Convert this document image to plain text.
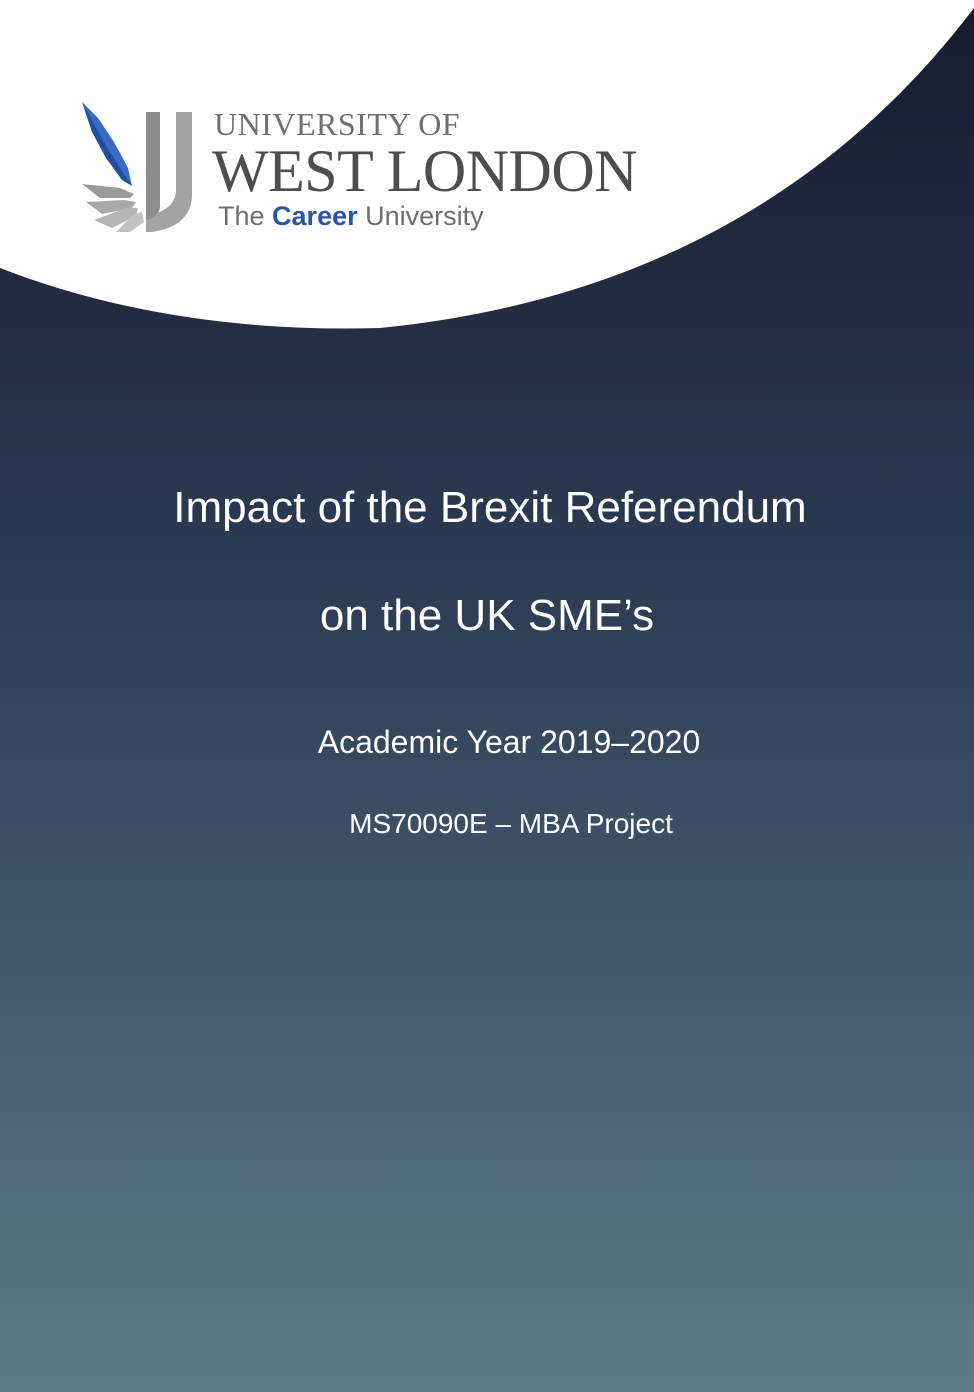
UNIVERSITY OF
WEST LONDON
The Career University
Impact of the Brexit Referendum
on the UK SME’s
Academic Year 2019–2020
MS70090E – MBA Project
